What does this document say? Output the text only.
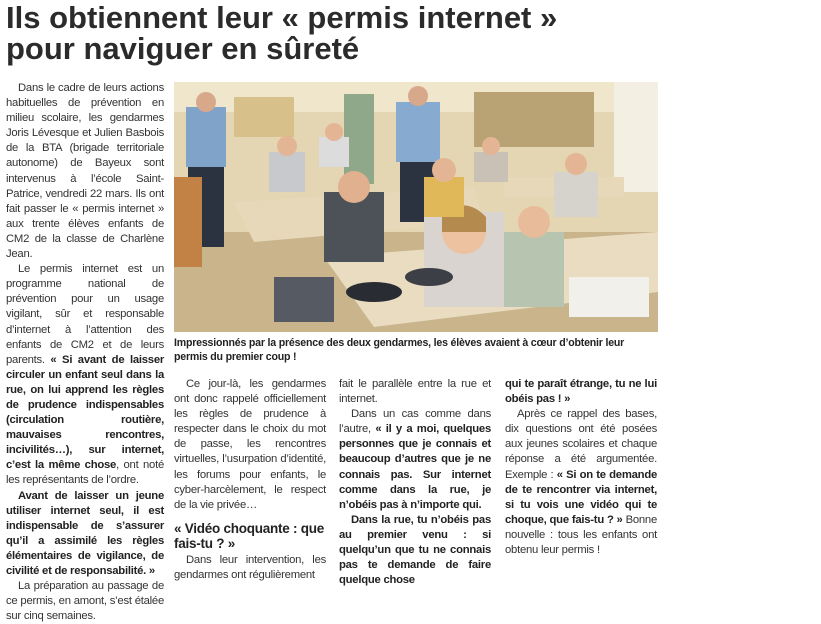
Ils obtiennent leur « permis internet »
pour naviguer en sûreté

Dans le cadre de leurs actions habituelles de prévention en milieu scolaire, les gendarmes Joris Lévesque et Julien Basbois de la BTA (brigade territoriale autonome) de Bayeux sont intervenus à l’école Saint-Patrice, vendredi 22 mars. Ils ont fait passer le « permis internet » aux trente élèves enfants de CM2 de la classe de Charlène Jean.

Le permis internet est un programme national de prévention pour un usage vigilant, sûr et responsable d’internet à l’attention des enfants de CM2 et de leurs parents. « Si avant de laisser circuler un enfant seul dans la rue, on lui apprend les règles de prudence indispensables (circulation routière, mauvaises rencontres, incivilités…), sur internet, c’est la même chose, ont noté les représentants de l’ordre.

Avant de laisser un jeune utiliser internet seul, il est indispensable de s’assurer qu’il a assimilé les règles élémentaires de vigilance, de civilité et de responsabilité. »

La préparation au passage de ce permis, en amont, s’est étalée sur cinq semaines.

Impressionnés par la présence des deux gendarmes, les élèves avaient à cœur d’obtenir leur permis du premier coup !

Ce jour-là, les gendarmes ont donc rappelé officiellement les règles de prudence à respecter dans le choix du mot de passe, les rencontres virtuelles, l’usurpation d’identité, les forums pour enfants, le cyber-harcèlement, le respect de la vie privée…

« Vidéo choquante : que fais-tu ? »

Dans leur intervention, les gendarmes ont régulièrement

fait le parallèle entre la rue et internet.

Dans un cas comme dans l’autre, « il y a moi, quelques personnes que je connais et beaucoup d’autres que je ne connais pas. Sur internet comme dans la rue, je n’obéis pas à n’importe qui.

Dans la rue, tu n’obéis pas au premier venu : si quelqu’un que tu ne connais pas te demande de faire quelque chose

qui te paraît étrange, tu ne lui obéis pas ! »

Après ce rappel des bases, dix questions ont été posées aux jeunes scolaires et chaque réponse a été argumentée. Exemple : « Si on te demande de te rencontrer via internet, si tu vois une vidéo qui te choque, que fais-tu ? » Bonne nouvelle : tous les enfants ont obtenu leur permis !
